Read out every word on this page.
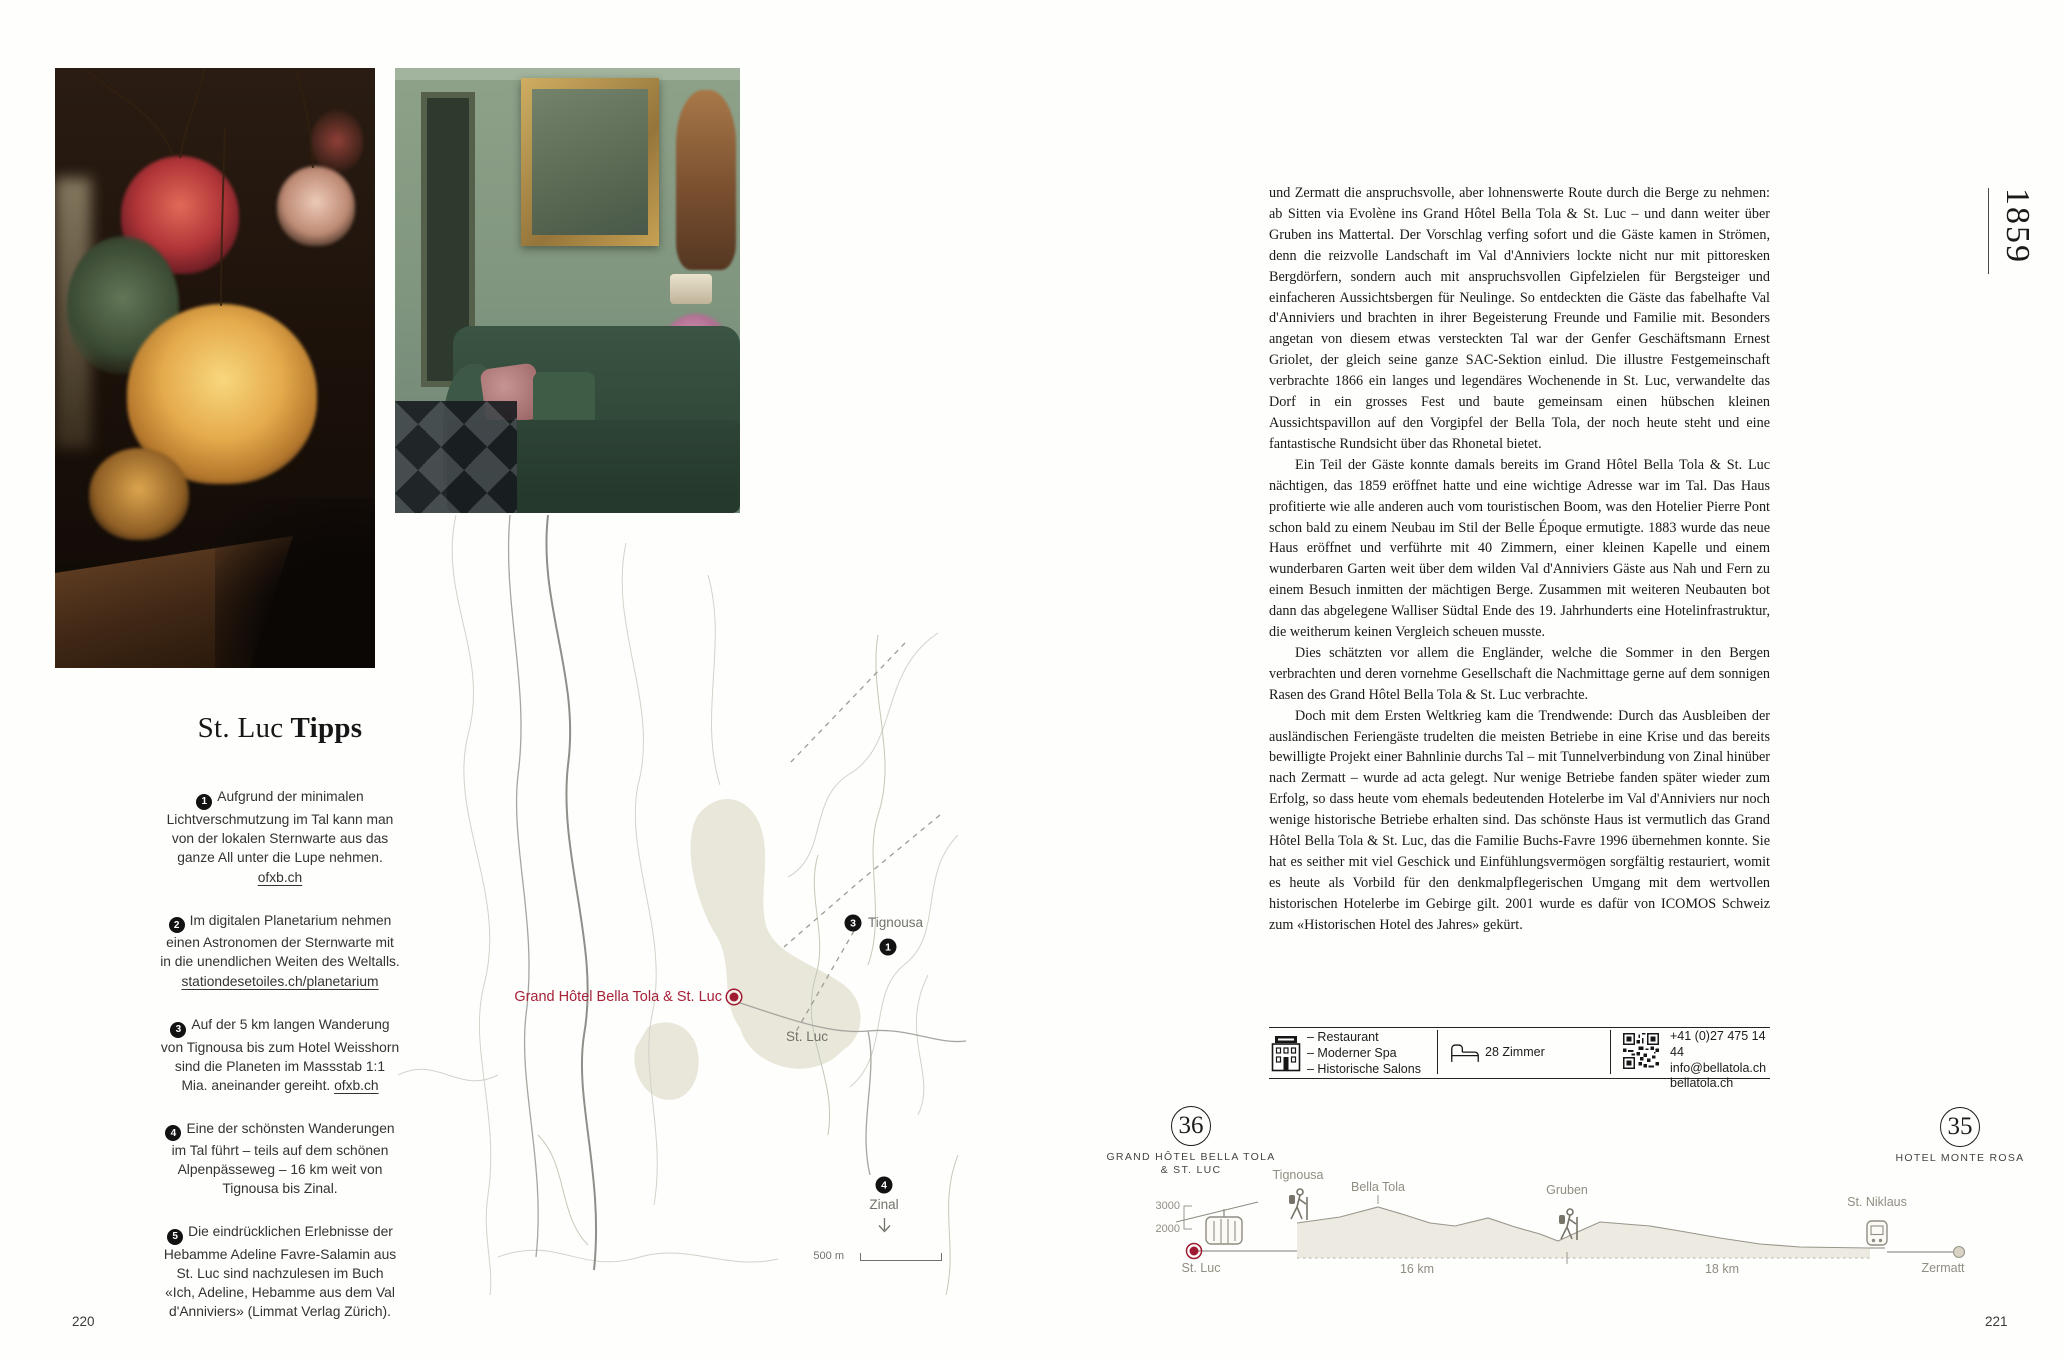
St. Luc Tipps
1 Aufgrund der minimalen Lichtverschmutzung im Tal kann man von der lokalen Sternwarte aus das ganze All unter die Lupe nehmen.
ofxb.ch
2 Im digitalen Planetarium nehmen einen Astronomen der Sternwarte mit in die unendlichen Weiten des Weltalls.
stationdesetoiles.ch/planetarium
3 Auf der 5 km langen Wanderung von Tignousa bis zum Hotel Weisshorn sind die Planeten im Massstab 1:1 Mia. aneinander gereiht. ofxb.ch
4 Eine der schönsten Wanderungen im Tal führt – teils auf dem schönen Alpenpässeweg – 16 km weit von Tignousa bis Zinal.
5 Die eindrücklichen Erlebnisse der Hebamme Adeline Favre-Salamin aus St. Luc sind nachzulesen im Buch «Ich, Adeline, Hebamme aus dem Val d'Anniviers» (Limmat Verlag Zürich).
3 Tignousa
1
Grand Hôtel Bella Tola & St. Luc
St. Luc
4
Zinal
500 m
220
1859

und Zermatt die anspruchsvolle, aber lohnenswerte Route durch die Berge zu nehmen: ab Sitten via Evolène ins Grand Hôtel Bella Tola & St. Luc – und dann weiter über Gruben ins Mattertal. Der Vorschlag verfing sofort und die Gäste kamen in Strömen, denn die reizvolle Landschaft im Val d'Anniviers lockte nicht nur mit pittoresken Bergdörfern, sondern auch mit anspruchsvollen Gipfelzielen für Bergsteiger und einfacheren Aussichtsbergen für Neulinge. So entdeckten die Gäste das fabelhafte Val d'Anniviers und brachten in ihrer Begeisterung Freunde und Familie mit. Besonders angetan von diesem etwas versteckten Tal war der Genfer Geschäftsmann Ernest Griolet, der gleich seine ganze SAC-Sektion einlud. Die illustre Festgemeinschaft verbrachte 1866 ein langes und legendäres Wochenende in St. Luc, verwandelte das Dorf in ein grosses Fest und baute gemeinsam einen hübschen kleinen Aussichtspavillon auf den Vorgipfel der Bella Tola, der noch heute steht und eine fantastische Rundsicht über das Rhonetal bietet.

Ein Teil der Gäste konnte damals bereits im Grand Hôtel Bella Tola & St. Luc nächtigen, das 1859 eröffnet hatte und eine wichtige Adresse war im Tal. Das Haus profitierte wie alle anderen auch vom touristischen Boom, was den Hotelier Pierre Pont schon bald zu einem Neubau im Stil der Belle Époque ermutigte. 1883 wurde das neue Haus eröffnet und verführte mit 40 Zimmern, einer kleinen Kapelle und einem wunderbaren Garten weit über dem wilden Val d'Anniviers Gäste aus Nah und Fern zu einem Besuch inmitten der mächtigen Berge. Zusammen mit weiteren Neubauten bot dann das abgelegene Walliser Südtal Ende des 19. Jahrhunderts eine Hotelinfrastruktur, die weitherum keinen Vergleich scheuen musste.

Dies schätzten vor allem die Engländer, welche die Sommer in den Bergen verbrachten und deren vornehme Gesellschaft die Nachmittage gerne auf dem sonnigen Rasen des Grand Hôtel Bella Tola & St. Luc verbrachte.

Doch mit dem Ersten Weltkrieg kam die Trendwende: Durch das Ausbleiben der ausländischen Feriengäste trudelten die meisten Betriebe in eine Krise und das bereits bewilligte Projekt einer Bahnlinie durchs Tal – mit Tunnelverbindung von Zinal hinüber nach Zermatt – wurde ad acta gelegt. Nur wenige Betriebe fanden später wieder zum Erfolg, so dass heute vom ehemals bedeutenden Hotelerbe im Val d'Anniviers nur noch wenige historische Betriebe erhalten sind. Das schönste Haus ist vermutlich das Grand Hôtel Bella Tola & St. Luc, das die Familie Buchs-Favre 1996 übernehmen konnte. Sie hat es seither mit viel Geschick und Einfühlungsvermögen sorgfältig restauriert, womit es heute als Vorbild für den denkmalpflegerischen Umgang mit dem wertvollen historischen Hotelerbe im Gebirge gilt. 2001 wurde es dafür von ICOMOS Schweiz zum «Historischen Hotel des Jahres» gekürt.

– Restaurant
– Moderner Spa
– Historische Salons
28 Zimmer
+41 (0)27 475 14 44
info@bellatola.ch
bellatola.ch
36
GRAND HÔTEL BELLA TOLA
& ST. LUC
35
HOTEL MONTE ROSA
3000
2000
St. Luc
Tignousa
Bella Tola	Gruben
St. Niklaus
Zermatt
16 km	18 km
221
